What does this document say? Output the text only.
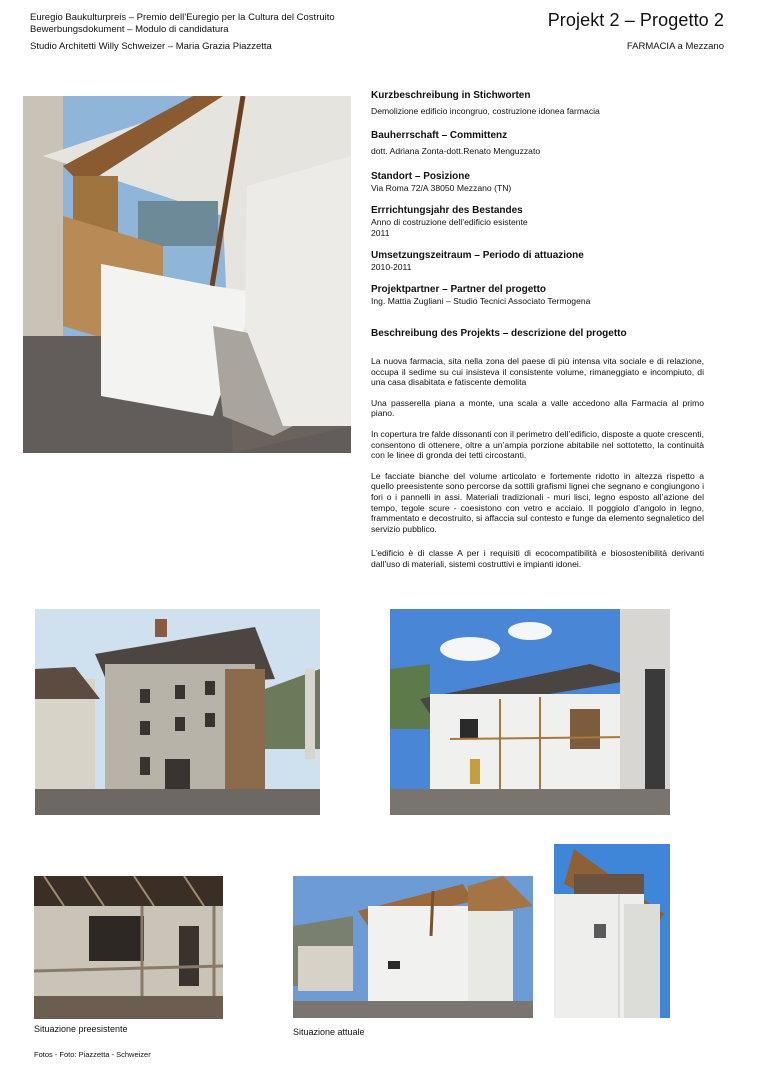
Euregio Baukulturpreis – Premio dell’Euregio per la Cultura del Costruito
Bewerbungsdokument – Modulo di candidatura
Studio Architetti Willy Schweizer – Maria Grazia Piazzetta
Projekt 2 – Progetto 2
FARMACIA a Mezzano

Kurzbeschreibung in Stichworten

Demolizione edificio incongruo, costruzione idonea farmacia

Bauherrschaft – Committenz

dott. Adriana Zonta-dott.Renato Menguzzato

Standort – Posizione

Via Roma 72/A 38050 Mezzano (TN)

Errrichtungsjahr des Bestandes

Anno di costruzione dell’edificio esistente

2011

Umsetzungszeitraum – Periodo di attuazione

2010-2011

Projektpartner – Partner del progetto

Ing. Mattia Zugliani – Studio Tecnici Associato Termogena

Beschreibung des Projekts – descrizione del progetto

La nuova farmacia, sita nella zona del paese di più intensa vita sociale e di relazione, occupa il sedime su cui insisteva il consistente volume, rimaneggiato e incompiuto, di una casa disabitata e fatiscente demolita

Una passerella piana a monte, una scala a valle accedono alla Farmacia al primo piano.

In copertura tre falde dissonanti con il perimetro dell’edificio, disposte a quote crescenti, consentono di ottenere, oltre a un’ampia porzione abitabile nel sottotetto, la continuità con le linee di gronda dei tetti circostanti.

Le facciate bianche del volume articolato e fortemente ridotto in altezza rispetto a quello preesistente sono percorse da sottili grafismi lignei che segnano e congiungono i fori o i pannelli in assi. Materiali tradizionali - muri lisci, legno esposto all’azione del tempo, tegole scure - coesistono con vetro e acciaio. Il poggiolo d’angolo in legno, frammentato e decostruito, si affaccia sul contesto e funge da elemento segnaletico del servizio pubblico.

L’edificio è di classe A per i requisiti di ecocompatibilità e biosostenibilità derivanti dall’uso di materiali, sistemi costruttivi e impianti idonei.

Situazione preesistente	Situazione attuale
Fotos - Foto: Piazzetta - Schweizer
